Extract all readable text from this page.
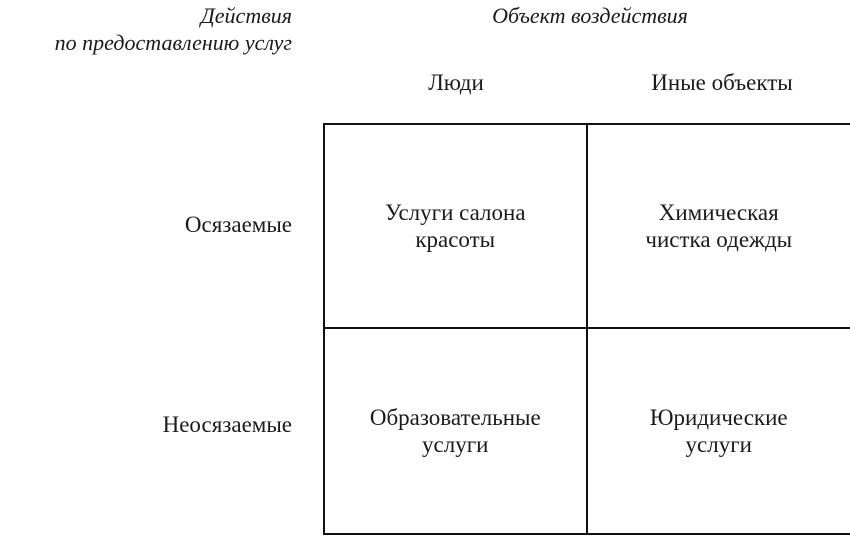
Действия
по предоставлению услуг
Объект воздействия
Люди	Иные объекты
Осязаемые
Неосязаемые
Услуги салона
красоты
Химическая
чистка одежды
Образовательные
услуги
Юридические
услуги
